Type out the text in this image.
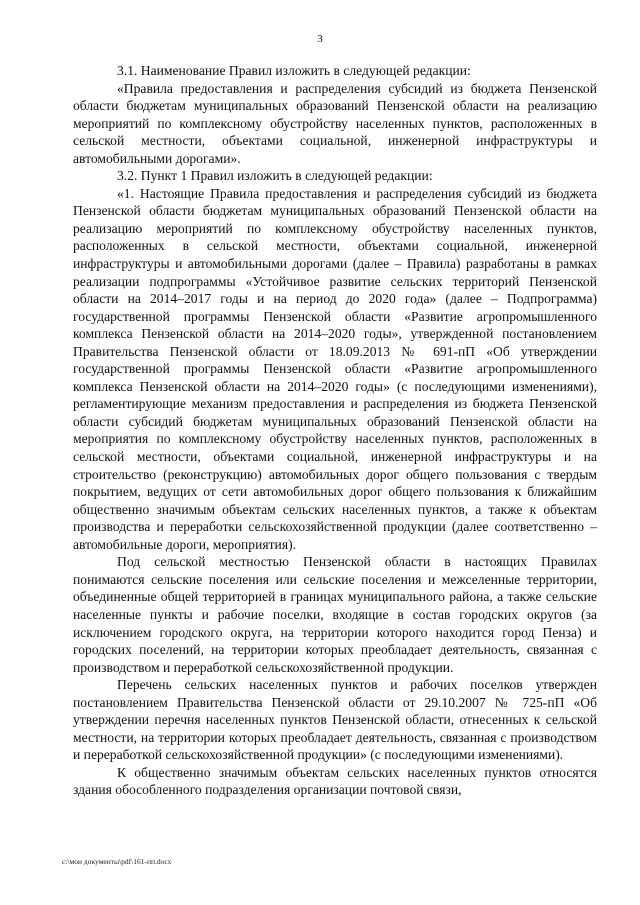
3

3.1. Наименование Правил изложить в следующей редакции:

«Правила предоставления и распределения субсидий из бюджета Пензенской области бюджетам муниципальных образований Пензенской области на реализацию мероприятий по комплексному обустройству населенных пунктов, расположенных в сельской местности, объектами социальной, инженерной инфраструктуры и автомобильными дорогами».

3.2. Пункт 1 Правил изложить в следующей редакции:

«1. Настоящие Правила предоставления и распределения субсидий из бюджета Пензенской области бюджетам муниципальных образований Пензенской области на реализацию мероприятий по комплексному обустройству населенных пунктов, расположенных в сельской местности, объектами социальной, инженерной инфраструктуры и автомобильными дорогами (далее – Правила) разработаны в рамках реализации подпрограммы «Устойчивое развитие сельских территорий Пензенской области на 2014–2017 годы и на период до 2020 года» (далее – Подпрограмма) государственной программы Пензенской области «Развитие агропромышленного комплекса Пензенской области на 2014–2020 годы», утвержденной постановлением Правительства Пензенской области от 18.09.2013 № 691-пП «Об утверждении государственной программы Пензенской области «Развитие агропромышленного комплекса Пензенской области на 2014–2020 годы» (с последующими изменениями), регламентирующие механизм предоставления и распределения из бюджета Пензенской области субсидий бюджетам муниципальных образований Пензенской области на мероприятия по комплексному обустройству населенных пунктов, расположенных в сельской местности, объектами социальной, инженерной инфраструктуры и на строительство (реконструкцию) автомобильных дорог общего пользования с твердым покрытием, ведущих от сети автомобильных дорог общего пользования к ближайшим общественно значимым объектам сельских населенных пунктов, а также к объектам производства и переработки сельскохозяйственной продукции (далее соответственно – автомобильные дороги, мероприятия).

Под сельской местностью Пензенской области в настоящих Правилах понимаются сельские поселения или сельские поселения и межселенные территории, объединенные общей территорией в границах муниципального района, а также сельские населенные пункты и рабочие поселки, входящие в состав городских округов (за исключением городского округа, на территории которого находится город Пенза) и городских поселений, на территории которых преобладает деятельность, связанная с производством и переработкой сельскохозяйственной продукции.

Перечень сельских населенных пунктов и рабочих поселков утвержден постановлением Правительства Пензенской области от 29.10.2007 № 725-пП «Об утверждении перечня населенных пунктов Пензенской области, отнесенных к сельской местности, на территории которых преобладает деятельность, связанная с производством и переработкой сельскохозяйственной продукции» (с последующими изменениями).

К общественно значимым объектам сельских населенных пунктов относятся здания обособленного подразделения организации почтовой связи,

c:\мои документы\pdf\161-пп.docx
